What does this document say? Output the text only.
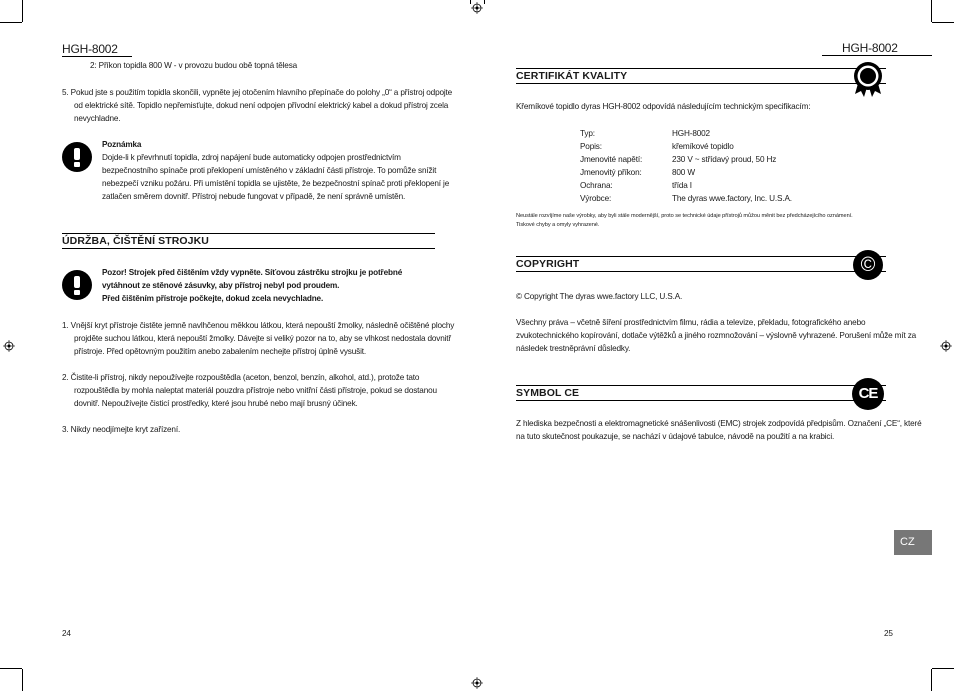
HGH-8002
2: Příkon topidla 800 W - v provozu budou obě topná tělesa
5. Pokud jste s použitím topidla skončili, vypněte jej otočením hlavního přepínače do polohy „0“ a přístroj odpojte
od elektrické sítě. Topidlo nepřemisťujte, dokud není odpojen přívodní elektrický kabel a dokud přístroj zcela
nevychladne.
Poznámka
Dojde-li k převrhnutí topidla, zdroj napájení bude automaticky odpojen prostřednictvím
bezpečnostního spínače proti překlopení umístěného v základní části přístroje. To pomůže snížit
nebezpečí vzniku požáru. Při umístění topidla se ujistěte, že bezpečnostní spínač proti překlopení je
zatlačen směrem dovnitř. Přístroj nebude fungovat v případě, že není správně umístěn.
ÚDRŽBA, ČIŠTĚNÍ STROJKU
Pozor! Strojek před čištěním vždy vypněte. Síťovou zástrčku strojku je potřebné
vytáhnout ze stěnové zásuvky, aby přístroj nebyl pod proudem.
Před čištěním přístroje počkejte, dokud zcela nevychladne.
1. Vnější kryt přístroje čistěte jemně navlhčenou měkkou látkou, která nepouští žmolky, následně očištěné plochy
projděte suchou látkou, která nepouští žmolky. Dávejte si veliký pozor na to, aby se vlhkost nedostala dovnitř
přístroje. Před opětovným použitím anebo zabalením nechejte přístroj úplně vysušit.
2. Čistite-li přístroj, nikdy nepoužívejte rozpouštědla (aceton, benzol, benzín, alkohol, atd.), protože tato
rozpouštědla by mohla naleptat materiál pouzdra přístroje nebo vnitřní části přístroje, pokud se dostanou
dovnitř. Nepoužívejte čisticí prostředky, které jsou hrubé nebo mají brusný účinek.
3. Nikdy neodjímejte kryt zařízení.
24
HGH-8002
CERTIFIKÁT KVALITY
Křemíkové topidlo dyras HGH-8002 odpovídá následujícím technickým specifikacím:
Typ:	HGH-8002
Popis:	křemíkové topidlo
Jmenovité napětí:	230 V ~ střídavý proud, 50 Hz
Jmenovitý příkon:	800 W
Ochrana:	třída I
Výrobce:	The dyras wwe.factory, Inc. U.S.A.
Neustále rozvíjíme naše výrobky, aby byli stále modernější, proto se technické údaje přístrojů můžou měnit bez předcházejícího oznámení.
Tiskové chyby a omyly vyhrazené.
COPYRIGHT	©
© Copyright The dyras wwe.factory LLC, U.S.A.
Všechny práva – včetně šíření prostřednictvím filmu, rádia a televize, překladu, fotografického anebo
zvukotechnického kopírování, dotlače výtěžků a jiného rozmnožování – výslovně vyhrazené. Porušení může mít za
následek trestněprávní důsledky.
SYMBOL CE	CE
Z hlediska bezpečnosti a elektromagnetické snášenlivosti (EMC) strojek zodpovídá předpisům. Označení „CE“, které
na tuto skutečnost poukazuje, se nachází v údajové tabulce, návodě na použití a na krabici.
CZ
25
